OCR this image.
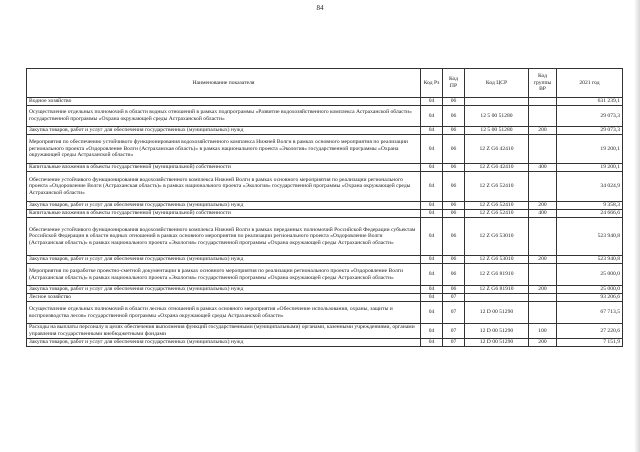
84
Наименование показателя	Код Рз	Код ПР	Код ЦСР	Код группы ВР	2021 год
Водное хозяйство	04	06			631 239,1
Осуществление отдельных полномочий в области водных отношений в рамках подпрограммы «Развитие водохозяйственного комплекса Астраханской области» государственной программы «Охрана окружающей среды Астраханской области»	04	06	12 5 00 51280		29 073,3
Закупка товаров, работ и услуг для обеспечения государственных (муниципальных) нужд	04	06	12 5 00 51280	200	29 073,3
Мероприятия по обеспечению устойчивого функционирования водохозяйственного комплекса Нижней Волги в рамках основного мероприятия по реализации регионального проекта «Оздоровление Волги (Астраханская область)» в рамках национального проекта «Экология» государственной программы «Охрана окружающей среды Астраханской области»	04	06	12 Z G6 42410		19 200,1
Капитальные вложения в объекты государственной (муниципальной) собственности	04	06	12 Z G6 42410	400	19 200,1
Обеспечение устойчивого функционирования водохозяйственного комплекса Нижней Волги в рамках основного мероприятия по реализации регионального проекта «Оздоровление Волги (Астраханская область)» в рамках национального проекта «Экология» государственной программы «Охрана окружающей среды Астраханской области»	04	06	12 Z G6 52410		34 024,9
Закупка товаров, работ и услуг для обеспечения государственных (муниципальных) нужд	04	06	12 Z G6 52410	200	9 358,3
Капитальные вложения в объекты государственной (муниципальной) собственности	04	06	12 Z G6 52410	400	24 666,6
Обеспечение устойчивого функционирования водохозяйственного комплекса Нижней Волги в рамках переданных полномочий Российской Федерации субъектам Российской Федерации в области водных отношений в рамках основного мероприятия по реализации регионального проекта «Оздоровление Волги (Астраханская область)» в рамках национального проекта «Экология» государственной программы «Охрана окружающей среды Астраханской области»	04	06	12 Z G6 53010		523 940,8
Закупка товаров, работ и услуг для обеспечения государственных (муниципальных) нужд	04	06	12 Z G6 53010	200	523 940,8
Мероприятия по разработке проектно-сметной документации в рамках основного мероприятия по реализации регионального проекта «Оздоровление Волги (Астраханская область)» в рамках национального проекта «Экология» государственной программы «Охрана окружающей среды Астраханской области»	04	06	12 Z G6 81910		25 000,0
Закупка товаров, работ и услуг для обеспечения государственных (муниципальных) нужд	04	06	12 Z G6 81910	200	25 000,0
Лесное хозяйство	04	07			93 206,6
Осуществление отдельных полномочий в области лесных отношений в рамках основного мероприятия «Обеспечение использования, охраны, защиты и воспроизводства лесов» государственной программы «Охрана окружающей среды Астраханской области»	04	07	12 D 00 51290		67 713,5
Расходы на выплаты персоналу в целях обеспечения выполнения функций государственными (муниципальными) органами, казенными учреждениями, органами управления государственными внебюджетными фондами	04	07	12 D 00 51290	100	27 220,6
Закупка товаров, работ и услуг для обеспечения государственных (муниципальных) нужд	04	07	12 D 00 51290	200	7 151,9
